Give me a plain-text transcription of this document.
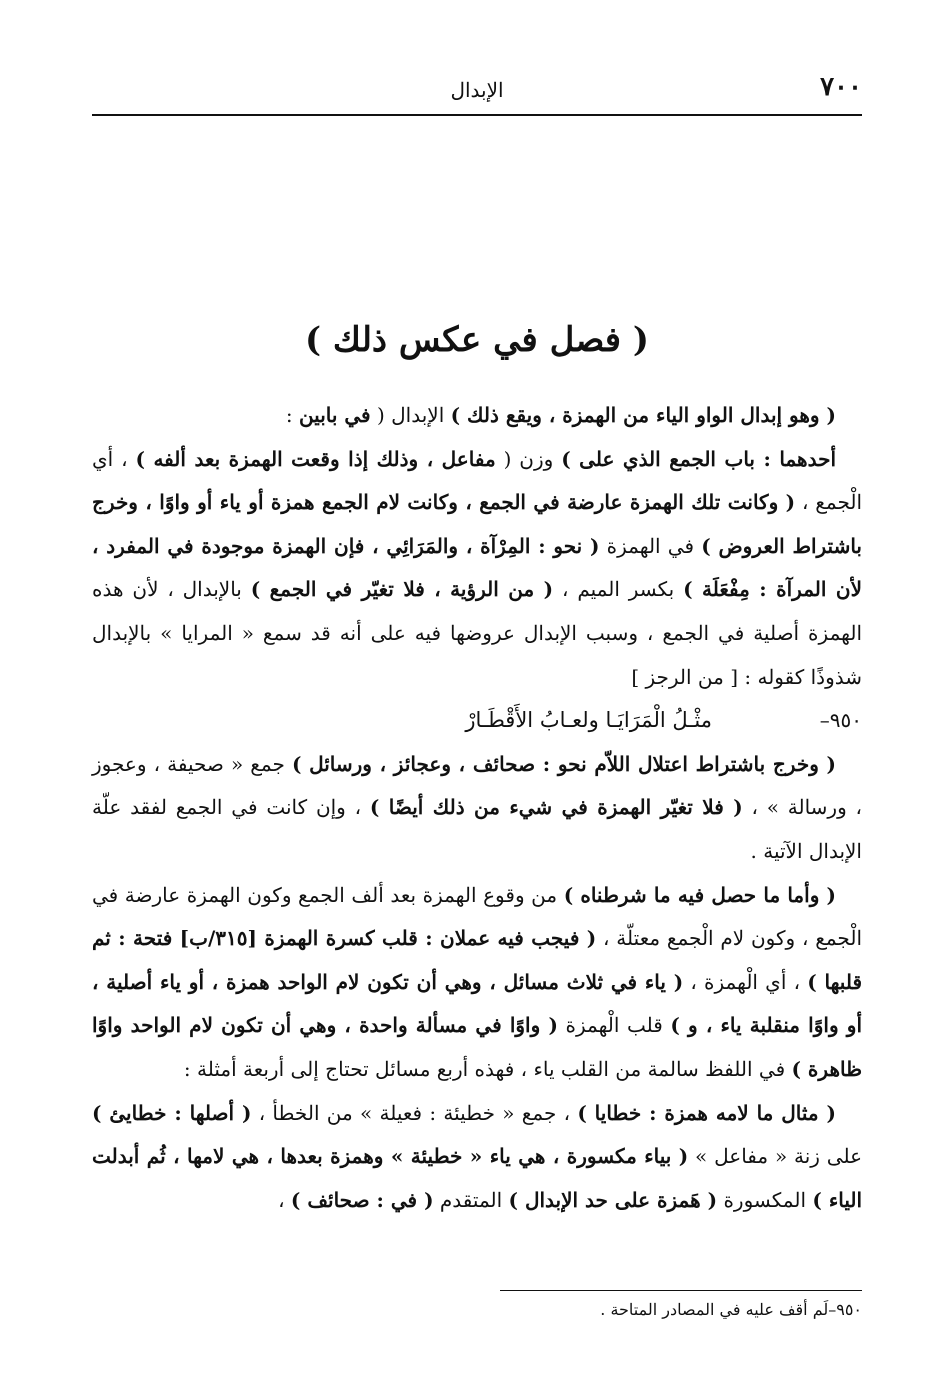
٧٠٠
الإبدال
( فصل في عكس ذلك )

( وهو إبدال الواو الياء من الهمزة ، ويقع ذلك ) الإبدال ( في بابين :

أحدهما : باب الجمع الذي على ) وزن ( مفاعل ، وذلك إذا وقعت الهمزة بعد ألفه ) ، أي الْجمع ، ( وكانت تلك الهمزة عارضة في الجمع ، وكانت لام الجمع همزة أو ياء أو واوًا ، وخرج باشتراط العروض ) في الهمزة ( نحو : المِرْآة ، والمَرَائِي ، فإن الهمزة موجودة في المفرد ، لأن المرآة : مِفْعَلَة ) بكسر الميم ، ( من الرؤية ، فلا تغيّر في الجمع ) بالإبدال ، لأن هذه الهمزة أصلية في الجمع ، وسبب الإبدال عروضها فيه على أنه قد سمع « المرايا » بالإبدال شذوذًا كقوله : [ من الرجز ]

٩٥٠–
مثْـلُ الْمَرَايَـا ولعـابُ الأَقْطَـارْ

( وخرج باشتراط اعتلال اللاّم نحو : صحائف ، وعجائز ، ورسائل ) جمع « صحيفة ، وعجوز ، ورسالة » ، ( فلا تغيّر الهمزة في شيء من ذلك أيضًا ) ، وإن كانت في الجمع لفقد علّة الإبدال الآتية .

( وأما ما حصل فيه ما شرطناه ) من وقوع الهمزة بعد ألف الجمع وكون الهمزة عارضة في الْجمع ، وكون لام الْجمع معتلّة ، ( فيجب فيه عملان : قلب كسرة الهمزة [٣١٥/ب] فتحة : ثم قلبها ) ، أي الْهمزة ، ( ياء في ثلاث مسائل ، وهي أن تكون لام الواحد همزة ، أو ياء أصلية ، أو واوًا منقلبة ياء ، و ) قلب الْهمزة ( واوًا في مسألة واحدة ، وهي أن تكون لام الواحد واوًا ظاهرة ) في اللفظ سالمة من القلب ياء ، فهذه أربع مسائل تحتاج إلى أربعة أمثلة :

( مثال ما لامه همزة : خطايا ) ، جمع « خطيئة : فعيلة » من الخطأ ، ( أصلها : خطايئ ) على زنة « مفاعل » ( بياء مكسورة ، هي ياء « خطيئة » وهمزة بعدها ، هي لامها ، ثُم أبدلت الياء ) المكسورة ( هَمزة على حد الإبدال ) المتقدم ( في : صحائف ) ،

٩٥٠–لَم أقف عليه في المصادر المتاحة .
